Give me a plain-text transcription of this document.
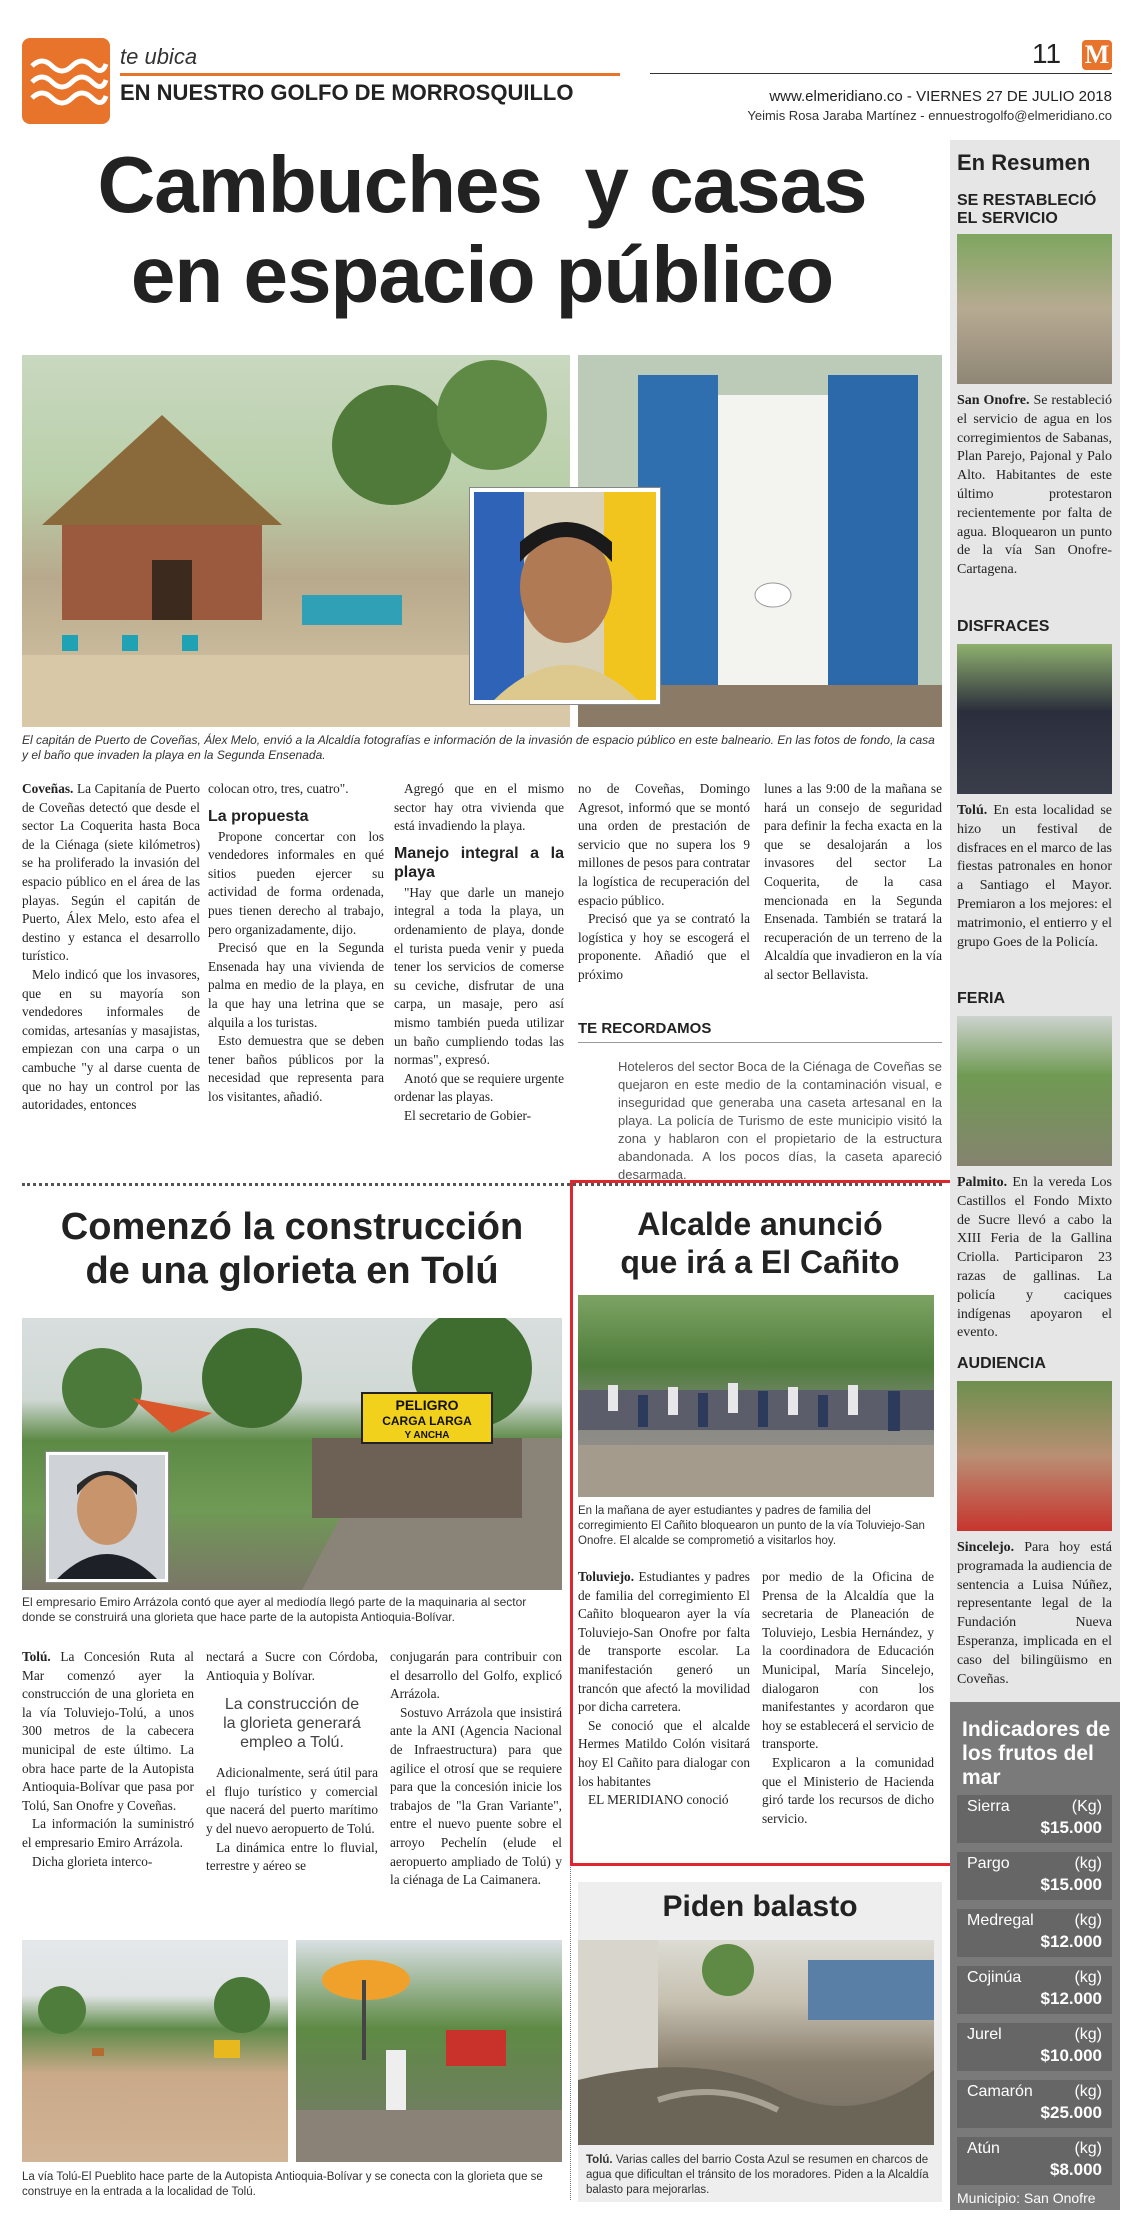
te ubica
EN NUESTRO GOLFO DE MORROSQUILLO
11 M
www.elmeridiano.co - VIERNES 27 DE JULIO 2018
Yeimis Rosa Jaraba Martínez - ennuestrogolfo@elmeridiano.co
Cambuches  y casas
en espacio público
El capitán de Puerto de Coveñas, Álex Melo, envió a la Alcaldía fotografías e información de la invasión de espacio público en este balneario. En las fotos de fondo, la casa y el baño que invaden la playa en la Segunda Ensenada.

Coveñas. La Capitanía de Puerto de Coveñas detectó que desde el sector La Coquerita hasta Boca de la Ciénaga (siete kilómetros) se ha proliferado la invasión del espacio público en el área de las playas. Según el capitán de Puerto, Álex Melo, esto afea el destino y estanca el desarrollo turístico.

Melo indicó que los invasores, que en su mayoría son vendedores informales de comidas, artesanías y masajistas, empiezan con una carpa o un cambuche "y al darse cuenta de que no hay un control por las autoridades, entonces

colocan otro, tres, cuatro".

La propuesta

Propone concertar con los vendedores informales en qué sitios pueden ejercer su actividad de forma ordenada, pues tienen derecho al trabajo, pero organizadamente, dijo.

Precisó que en la Segunda Ensenada hay una vivienda de palma en medio de la playa, en la que hay una letrina que se alquila a los turistas.

Esto demuestra que se deben tener baños públicos por la necesidad que representa para los visitantes, añadió.

Agregó que en el mismo sector hay otra vivienda que está invadiendo la playa.

Manejo integral a la playa

"Hay que darle un manejo integral a toda la playa, un ordenamiento de playa, donde el turista pueda venir y pueda tener los servicios de comerse su ceviche, disfrutar de una carpa, un masaje, pero así mismo también pueda utilizar un baño cumpliendo todas las normas", expresó.

Anotó que se requiere urgente ordenar las playas.

El secretario de Gobier-

no de Coveñas, Domingo Agresot, informó que se montó una orden de prestación de servicio que no supera los 9 millones de pesos para contratar la logística de recuperación del espacio público.

Precisó que ya se contrató la logística y hoy se escogerá el proponente. Añadió que el próximo

lunes a las 9:00 de la mañana se hará un consejo de seguridad para definir la fecha exacta en la que se desalojarán a los invasores del sector La Coquerita, de la casa mencionada en la Segunda Ensenada. También se tratará la recuperación de un terreno de la Alcaldía que invadieron en la vía al sector Bellavista.

TE RECORDAMOS
Hoteleros del sector Boca de la Ciénaga de Coveñas se quejaron en este medio de la contaminación visual, e inseguridad que generaba una caseta artesanal en la playa. La policía de Turismo de este municipio visitó la zona y hablaron con el propietario de la estructura abandonada. A los pocos días, la caseta apareció desarmada.
Comenzó la construcción
de una glorieta en Tolú
PELIGRO
CARGA LARGA
Y ANCHA
El empresario Emiro Arrázola contó que ayer al mediodía llegó parte de la maquinaria al sector donde se construirá una glorieta que hace parte de la autopista Antioquia-Bolívar.

Tolú. La Concesión Ruta al Mar comenzó ayer la construcción de una glorieta en la vía Toluviejo-Tolú, a unos 300 metros de la cabecera municipal de este último. La obra hace parte de la Autopista Antioquia-Bolívar que pasa por Tolú, San Onofre y Coveñas.

La información la suministró el empresario Emiro Arrázola.

Dicha glorieta interco-

nectará a Sucre con Córdoba, Antioquia y Bolívar.

La construcción de la glorieta generará empleo a Tolú.

Adicionalmente, será útil para el flujo turístico y comercial que nacerá del puerto marítimo y del nuevo aeropuerto de Tolú.

La dinámica entre lo fluvial, terrestre y aéreo se

conjugarán para contribuir con el desarrollo del Golfo, explicó Arrázola.

Sostuvo Arrázola que insistirá ante la ANI (Agencia Nacional de Infraestructura) para que agilice el otrosí que se requiere para que la concesión inicie los trabajos de "la Gran Variante", entre el nuevo puente sobre el arroyo Pechelín (elude el aeropuerto ampliado de Tolú) y la ciénaga de La Caimanera.

La vía Tolú-El Pueblito hace parte de la Autopista Antioquia-Bolívar y se conecta con la glorieta que se construye en la entrada a la localidad de Tolú.
Alcalde anunció
que irá a El Cañito
En la mañana de ayer estudiantes y padres de familia del corregimiento El Cañito bloquearon un punto de la vía Toluviejo-San Onofre. El alcalde se comprometió a visitarlos hoy.

Toluviejo. Estudiantes y padres de familia del corregimiento El Cañito bloquearon ayer la vía Toluviejo-San Onofre por falta de transporte escolar. La manifestación generó un trancón que afectó la movilidad por dicha carretera.

Se conoció que el alcalde Hermes Matildo Colón visitará hoy El Cañito para dialogar con los habitantes

EL MERIDIANO conoció

por medio de la Oficina de Prensa de la Alcaldía que la secretaria de Planeación de Toluviejo, Lesbia Hernández, y la coordinadora de Educación Municipal, María Sincelejo, dialogaron con los manifestantes y acordaron que hoy se establecerá el servicio de transporte.

Explicaron a la comunidad que el Ministerio de Hacienda giró tarde los recursos de dicho servicio.

Piden balasto
Tolú. Varias calles del barrio Costa Azul se resumen en charcos de agua que dificultan el tránsito de los moradores. Piden a la Alcaldía balasto para mejorarlas.
En Resumen
SE RESTABLECIÓ EL SERVICIO
San Onofre. Se restableció el servicio de agua en los corregimientos de Sabanas, Plan Parejo, Pajonal y Palo Alto. Habitantes de este último protestaron recientemente por falta de agua. Bloquearon un punto de la vía San Onofre-Cartagena.
DISFRACES
Tolú. En esta localidad se hizo un festival de disfraces en el marco de las fiestas patronales en honor a Santiago el Mayor. Premiaron a los mejores: el matrimonio, el entierro y el grupo Goes de la Policía.
FERIA
Palmito. En la vereda Los Castillos el Fondo Mixto de Sucre llevó a cabo la XIII Feria de la Gallina Criolla. Participaron 23 razas de gallinas. La policía y caciques indígenas apoyaron el evento.
AUDIENCIA
Sincelejo. Para hoy está programada la audiencia de sentencia a Luisa Núñez, representante legal de la Fundación Nueva Esperanza, implicada en el caso del bilingüismo en Coveñas.
Indicadores de los frutos del mar
Sierra	(Kg)
$15.000
Pargo	(kg)
$15.000
Medregal	(kg)
$12.000
Cojinúa	(kg)
$12.000
Jurel	(kg)
$10.000
Camarón	(kg)
$25.000
Atún	(kg)
$8.000
Municipio: San Onofre
